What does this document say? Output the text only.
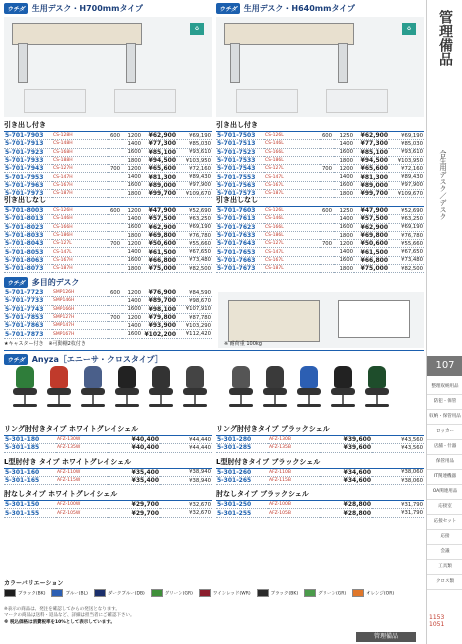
ウチダ 生用デスク・H700mmタイプ
♻
引き出し付き
5-701-7903	CS-128H	600	1200	¥62,900	¥69,190
5-701-7913	CS-148H		1400	¥77,300	¥85,030
5-701-7923	CS-168H		1600	¥85,100	¥93,610
5-701-7933	CS-188H		1800	¥94,500	¥103,950
5-701-7943	CS-127H	700	1200	¥65,600	¥72,160
5-701-7953	CS-147H		1400	¥81,300	¥89,430
5-701-7963	CS-167H		1600	¥89,000	¥97,900
5-701-7973	CS-187H		1800	¥99,700	¥109,670
引き出しなし
5-701-8003	CS-126H	600	1200	¥47,900	¥52,690
5-701-8013	CS-146H		1400	¥57,500	¥63,250
5-701-8023	CS-166H		1600	¥62,900	¥69,190
5-701-8033	CS-186H		1800	¥69,800	¥76,780
5-701-8043	CS-127L	700	1200	¥50,600	¥55,660
5-701-8053	CS-147L		1400	¥61,500	¥67,650
5-701-8063	CS-167H		1600	¥66,800	¥73,480
5-701-8073	CS-187H		1800	¥75,000	¥82,500
ウチダ 生用デスク・H640mmタイプ
♻
引き出し付き
5-701-7503	CS-126L	600	1250	¥62,900	¥69,190
5-701-7513	CS-146L		1400	¥77,300	¥85,030
5-701-7523	CS-166L		1600	¥85,100	¥93,610
5-701-7533	CS-186L		1800	¥94,500	¥103,950
5-701-7543	CS-127L	700	1200	¥65,600	¥72,160
5-701-7553	CS-147L		1400	¥81,300	¥89,430
5-701-7563	CS-167L		1600	¥89,000	¥97,900
5-701-7573	CS-187L		1800	¥99,700	¥109,670
引き出しなし
5-701-7603	CS-126L	600	1250	¥47,900	¥52,690
5-701-7613	CS-146L		1400	¥57,500	¥63,250
5-701-7623	CS-166L		1600	¥62,900	¥69,190
5-701-7633	CS-186L		1800	¥69,800	¥76,780
5-701-7643	CS-127L	700	1200	¥50,600	¥55,660
5-701-7653	CS-147L		1400	¥61,500	¥67,650
5-701-7663	CS-167L		1600	¥66,800	¥73,480
5-701-7673	CS-187L		1800	¥75,000	¥82,500
ウチダ 多目的デスク
5-701-7723	SMP126H	600	1200	¥76,900	¥84,590
5-701-7733	SMP146H		1400	¥89,700	¥98,670
5-701-7743	SMP166H		1600	¥98,100	¥107,910
5-701-7853	SMP127H	700	1200	¥79,800	¥87,780
5-701-7863	SMP147H		1400	¥93,900	¥103,290
5-701-7873	SMP167H		1600	¥102,200	¥112,420
★キャスター付き　※可動棚2枚付き	※ 耐荷重 100kg
ウチダ Anyza［エニーサ・クロスタイプ］
リング肘付きタイプ ホワイトグレイシェル
5-301-180	AFZ-130W	¥40,400	¥44,440
5-301-185	AFZ-135W	¥40,400	¥44,440
L型肘付き タイプ ホワイトグレイシェル
5-301-160	AFZ-110W	¥35,400	¥38,940
5-301-165	AFZ-115W	¥35,400	¥38,940
肘なしタイプ ホワイトグレイシェル
5-301-150	AFZ-100W	¥29,700	¥32,670
5-301-155	AFZ-105W	¥29,700	¥32,670
リング肘付きタイプ ブラックシェル
5-301-280	AFZ-130B	¥39,600	¥43,560
5-301-285	AFZ-135B	¥39,600	¥43,560
L型肘付きタイプ ブラックシェル
5-301-260	AFZ-110B	¥34,600	¥38,060
5-301-265	AFZ-115B	¥34,600	¥38,060
肘なしタイプ ブラックシェル
5-301-250	AFZ-100B	¥28,800	¥31,790
5-301-255	AFZ-105B	¥28,800	¥31,790
カラーバリエーション
ブラック(BK)	ブルー(BL)	ダークブルー(DB)	グリーン(GR)	ワインレッド(WR)	ブラック(BK)	グリーン(GR)	オレンジ(OR)
※表示の商品は、発注を確認してからの発送となります。
マークの商品は送料・返品など、詳細は担当者にご確認下さい。
※ 税込価格は消費税率を10%として表示しています。
管理備品
管理備品
合生用デスク／デスク
107
整理収納用品
防犯・保管
収納・保管用品
ロッカー
店舗・什器
保管用品
IT関連機器
OA関連用品
応接室
応接セット
応接
会議
工具類
クロス類
1153
1051
